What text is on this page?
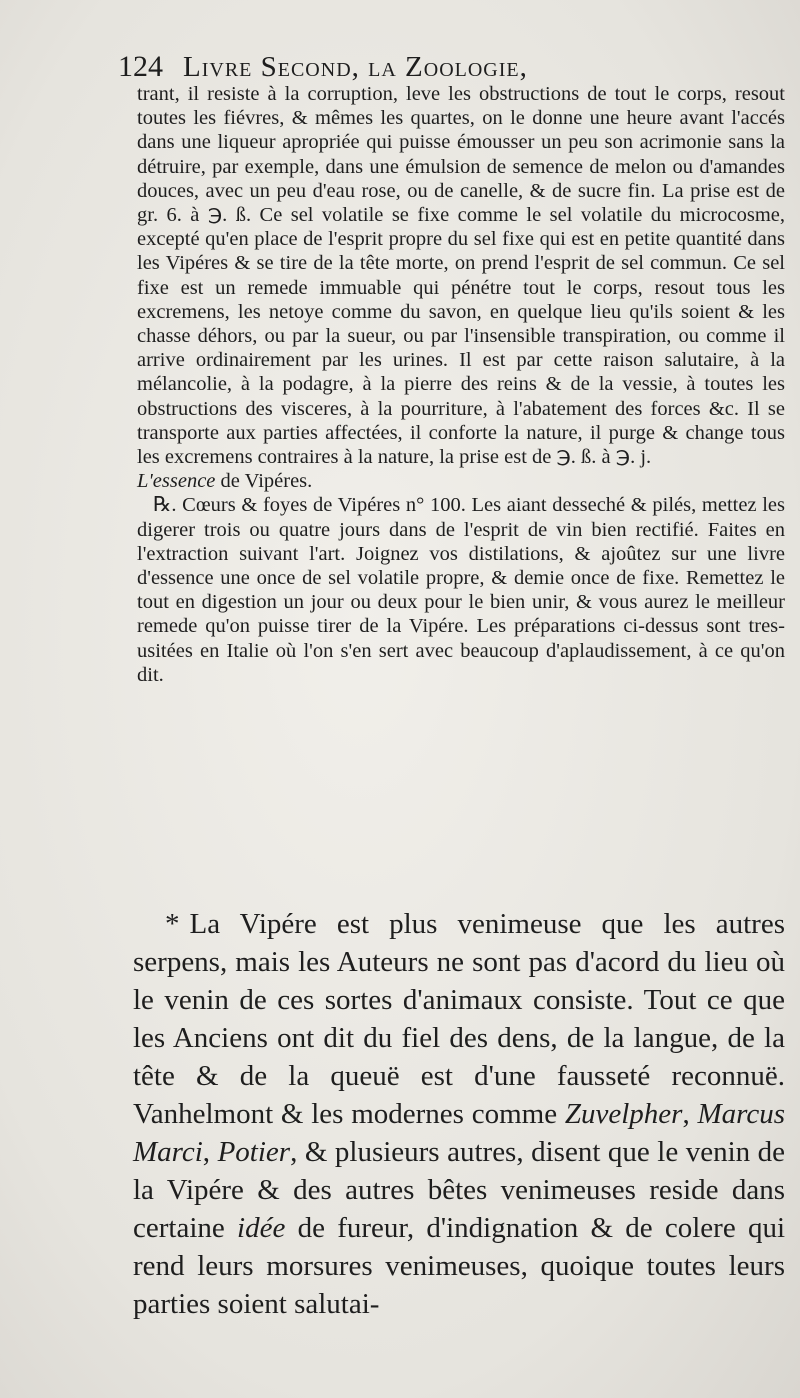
124 Livre Second, la Zoologie,

trant, il resiste à la corruption, leve les obstructions de tout le corps, resout toutes les fiévres, & mêmes les quartes, on le donne une heure avant l'accés dans une liqueur apropriée qui puisse émousser un peu son acrimonie sans la détruire, par exemple, dans une émulsion de semence de melon ou d'amandes douces, avec un peu d'eau rose, ou de canelle, & de sucre fin. La prise est de gr. 6. à ℈. ß. Ce sel volatile se fixe comme le sel volatile du microcosme, excepté qu'en place de l'esprit propre du sel fixe qui est en petite quantité dans les Vipéres & se tire de la tête morte, on prend l'esprit de sel commun. Ce sel fixe est un remede immuable qui pénétre tout le corps, resout tous les excremens, les netoye comme du savon, en quelque lieu qu'ils soient & les chasse déhors, ou par la sueur, ou par l'insensible transpiration, ou comme il arrive ordinairement par les urines. Il est par cette raison salutaire, à la mélancolie, à la podagre, à la pierre des reins & de la vessie, à toutes les obstructions des visceres, à la pourriture, à l'abatement des forces &c. Il se transporte aux parties affectées, il conforte la nature, il purge & change tous les excremens contraires à la nature, la prise est de ℈. ß. à ℈. j.

L'essence de Vipéres.

℞. Cœurs & foyes de Vipéres n° 100. Les aiant desseché & pilés, mettez les digerer trois ou quatre jours dans de l'esprit de vin bien rectifié. Faites en l'extraction suivant l'art. Joignez vos distilations, & ajoûtez sur une livre d'essence une once de sel volatile propre, & demie once de fixe. Remettez le tout en digestion un jour ou deux pour le bien unir, & vous aurez le meilleur remede qu'on puisse tirer de la Vipére. Les préparations ci-dessus sont tres-usitées en Italie où l'on s'en sert avec beaucoup d'aplaudissement, à ce qu'on dit.

* La Vipére est plus venimeuse que les autres serpens, mais les Auteurs ne sont pas d'acord du lieu où le venin de ces sortes d'animaux consiste. Tout ce que les Anciens ont dit du fiel des dens, de la langue, de la tête & de la queuë est d'une fausseté reconnuë. Vanhelmont & les modernes comme Zuvelpher, Marcus Marci, Potier, & plusieurs autres, disent que le venin de la Vipére & des autres bêtes venimeuses reside dans certaine idée de fureur, d'indignation & de colere qui rend leurs morsures venimeuses, quoique toutes leurs parties soient salutai-
